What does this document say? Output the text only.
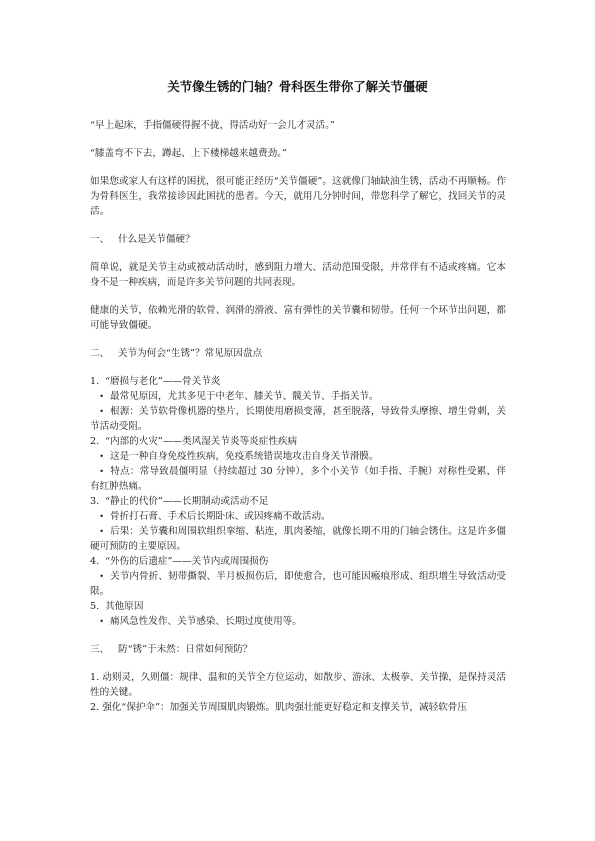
关节像生锈的门轴？骨科医生带你了解关节僵硬

“早上起床，手指僵硬得握不拢，得活动好一会儿才灵活。”

“膝盖弯不下去，蹲起、上下楼梯越来越费劲。”

如果您或家人有这样的困扰，很可能正经历“关节僵硬”。这就像门轴缺油生锈，活动不再顺畅。作为骨科医生，我常接诊因此困扰的患者。今天，就用几分钟时间，带您科学了解它，找回关节的灵活。

一、 什么是关节僵硬？

简单说，就是关节主动或被动活动时，感到阻力增大、活动范围受限，并常伴有不适或疼痛。它本身不是一种疾病，而是许多关节问题的共同表现。

健康的关节，依赖光滑的软骨、润滑的滑液、富有弹性的关节囊和韧带。任何一个环节出问题，都可能导致僵硬。

二、 关节为何会“生锈”？常见原因盘点

1. “磨损与老化”——骨关节炎

• 最常见原因，尤其多见于中老年、膝关节、髋关节、手指关节。

• 根源：关节软骨像机器的垫片，长期使用磨损变薄，甚至脱落，导致骨头摩擦、增生骨刺，关节活动受阻。

2. “内部的火灾”——类风湿关节炎等炎症性疾病

• 这是一种自身免疫性疾病，免疫系统错误地攻击自身关节滑膜。

• 特点：常导致晨僵明显（持续超过 30 分钟），多个小关节（如手指、手腕）对称性受累，伴有红肿热痛。

3. “静止的代价”——长期制动或活动不足

• 骨折打石膏、手术后长期卧床、或因疼痛不敢活动。

• 后果：关节囊和周围软组织挛缩、粘连，肌肉萎缩，就像长期不用的门轴会锈住。这是许多僵硬可预防的主要原因。

4. “外伤的后遗症”——关节内或周围损伤

• 关节内骨折、韧带撕裂、半月板损伤后，即使愈合，也可能因瘢痕形成、组织增生导致活动受限。

5. 其他原因

• 痛风急性发作、关节感染、长期过度使用等。

三、 防“锈”于未然：日常如何预防？

1. 动则灵，久则僵：规律、温和的关节全方位运动，如散步、游泳、太极拳、关节操，是保持灵活性的关键。

2. 强化“保护伞”：加强关节周围肌肉锻炼。肌肉强壮能更好稳定和支撑关节，减轻软骨压
